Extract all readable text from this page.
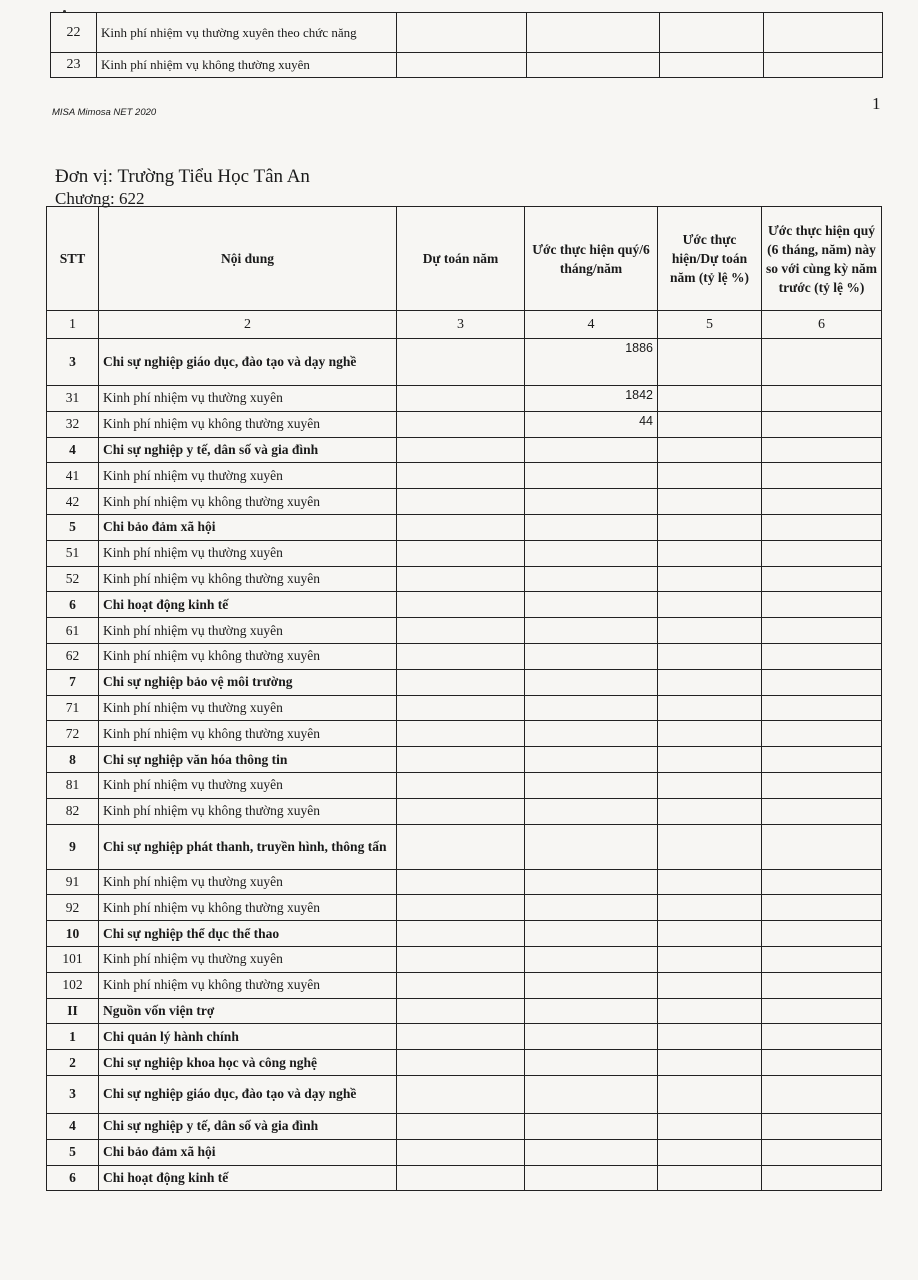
22	Kinh phí nhiệm vụ thường xuyên theo chức năng				
23	Kinh phí nhiệm vụ không thường xuyên				
MISA Mimosa NET 2020	1
Đơn vị: Trường Tiểu Học Tân An
Chương: 622
STT	Nội dung	Dự toán năm	Ước thực hiện quý/6 tháng/năm	Ước thực hiện/Dự toán năm (tỷ lệ %)	Ước thực hiện quý (6 tháng, năm) này so với cùng kỳ năm trước (tỷ lệ %)
1	2	3	4	5	6
3	Chi sự nghiệp giáo dục, đào tạo và dạy nghề		1886		
31	Kinh phí nhiệm vụ thường xuyên		1842		
32	Kinh phí nhiệm vụ không thường xuyên		44		
4	Chi sự nghiệp y tế, dân số và gia đình				
41	Kinh phí nhiệm vụ thường xuyên				
42	Kinh phí nhiệm vụ không thường xuyên				
5	Chi bảo đảm xã hội				
51	Kinh phí nhiệm vụ thường xuyên				
52	Kinh phí nhiệm vụ không thường xuyên				
6	Chi hoạt động kinh tế				
61	Kinh phí nhiệm vụ thường xuyên				
62	Kinh phí nhiệm vụ không thường xuyên				
7	Chi sự nghiệp bảo vệ môi trường				
71	Kinh phí nhiệm vụ thường xuyên				
72	Kinh phí nhiệm vụ không thường xuyên				
8	Chi sự nghiệp văn hóa thông tin				
81	Kinh phí nhiệm vụ thường xuyên				
82	Kinh phí nhiệm vụ không thường xuyên				
9	Chi sự nghiệp phát thanh, truyền hình, thông tấn				
91	Kinh phí nhiệm vụ thường xuyên				
92	Kinh phí nhiệm vụ không thường xuyên				
10	Chi sự nghiệp thể dục thể thao				
101	Kinh phí nhiệm vụ thường xuyên				
102	Kinh phí nhiệm vụ không thường xuyên				
II	Nguồn vốn viện trợ				
1	Chi quản lý hành chính				
2	Chi sự nghiệp khoa học và công nghệ				
3	Chi sự nghiệp giáo dục, đào tạo và dạy nghề				
4	Chi sự nghiệp y tế, dân số và gia đình				
5	Chi bảo đảm xã hội				
6	Chi hoạt động kinh tế				
